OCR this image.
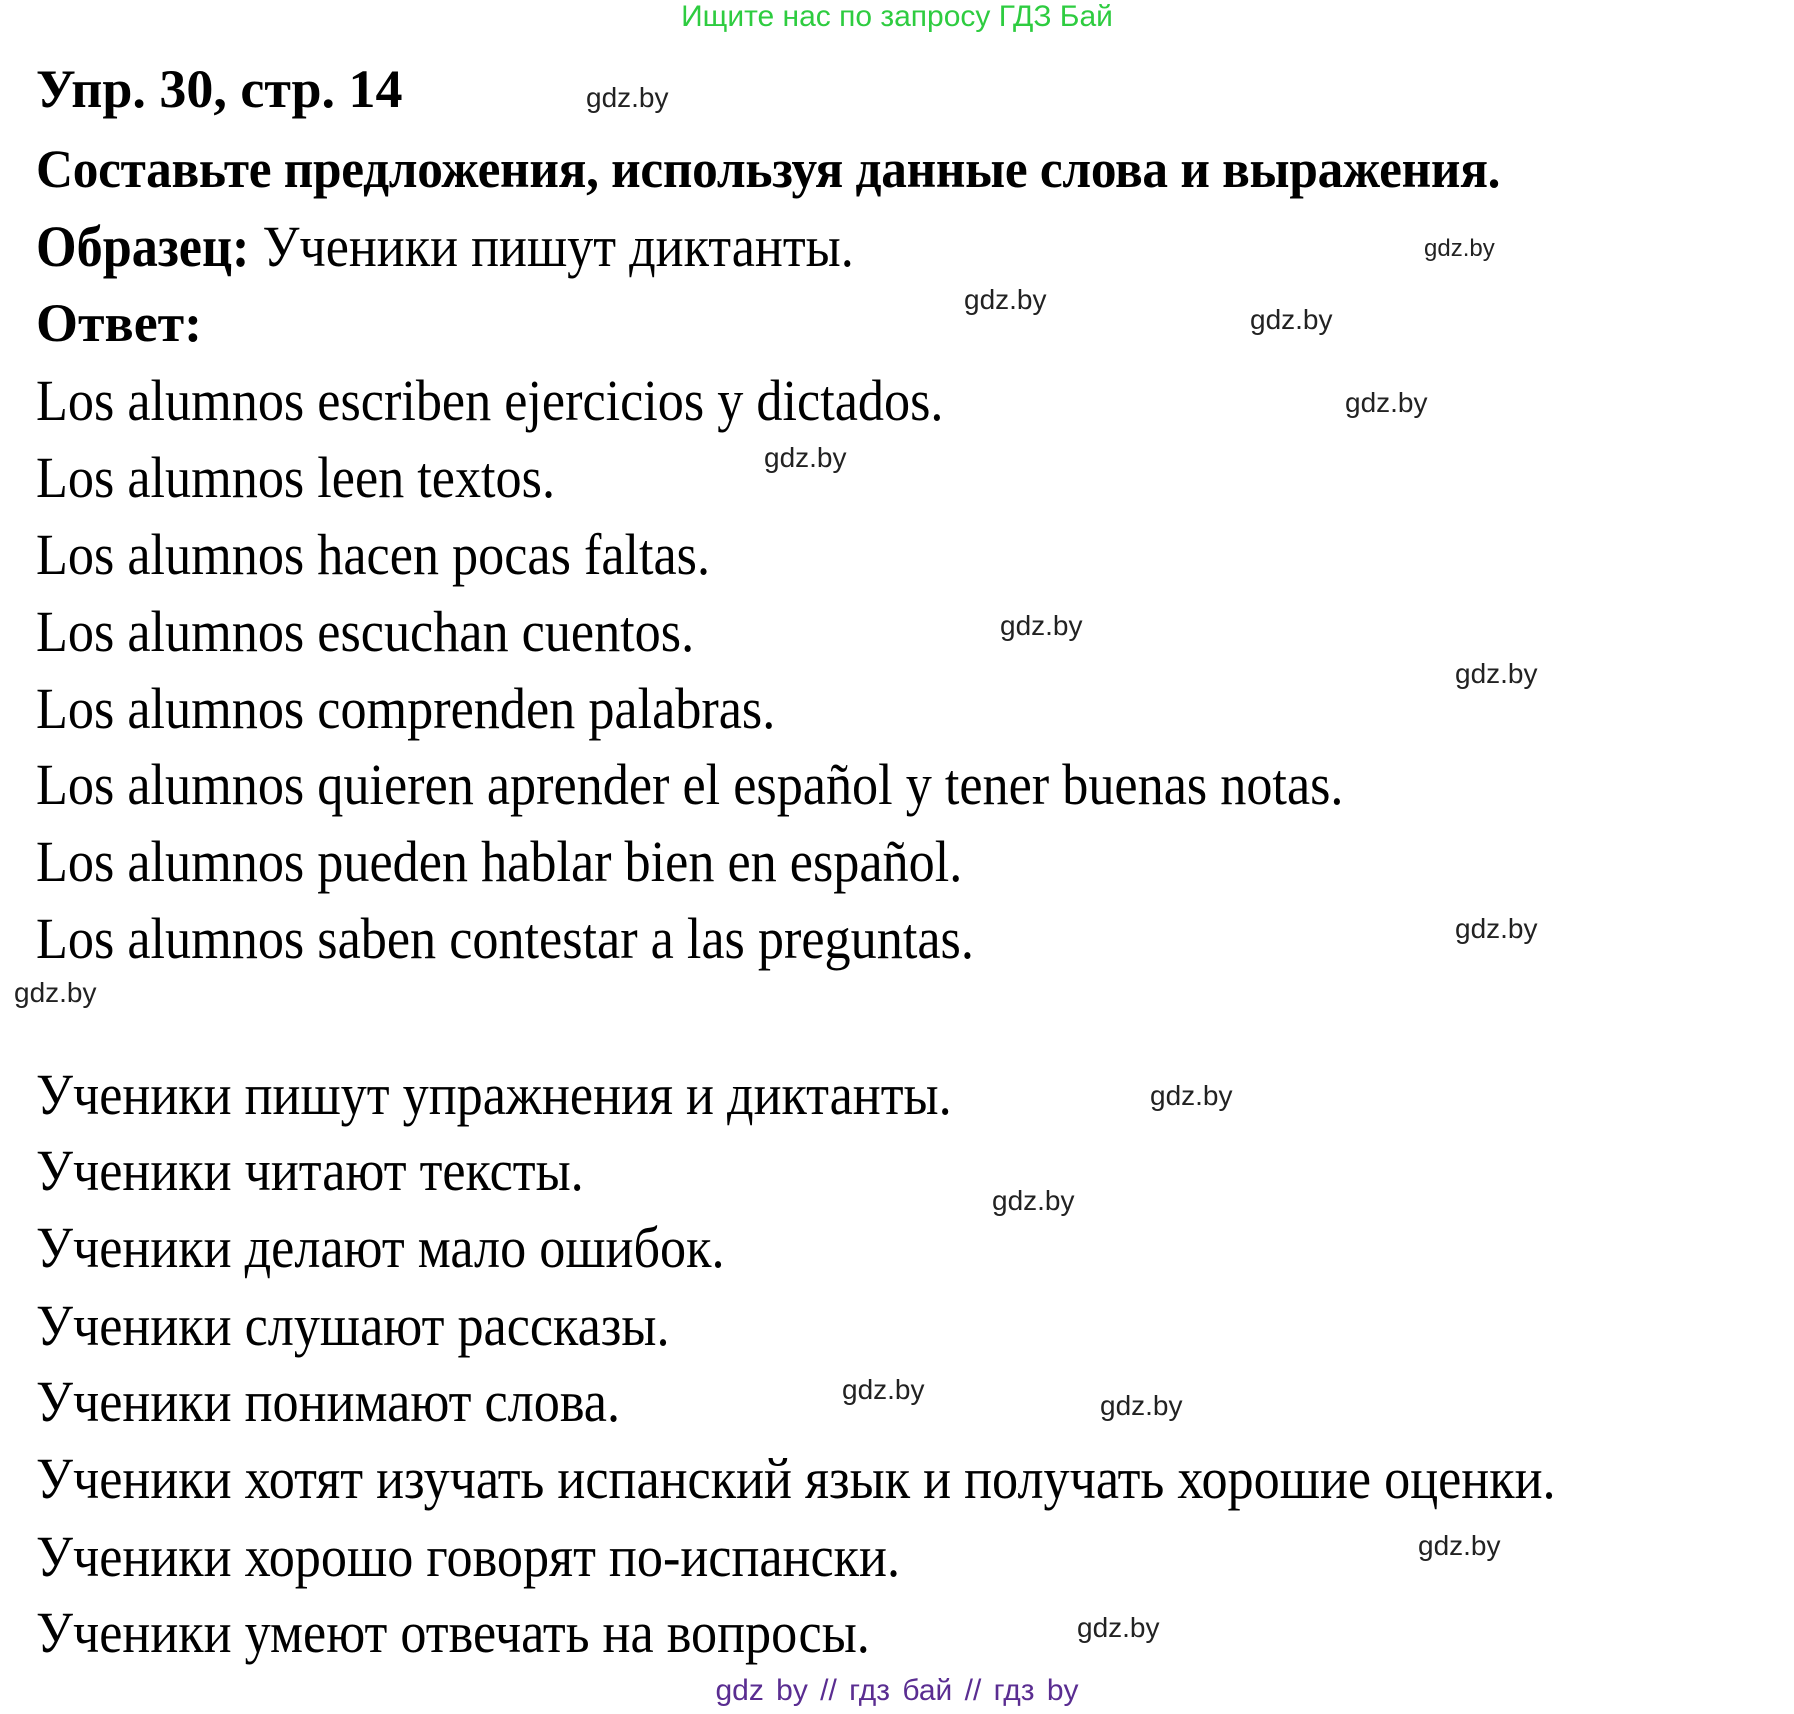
Ищите нас по запросу ГДЗ Бай
Упр. 30, стр. 14
Составьте предложения, используя данные слова и выражения.
Образец: Ученики пишут диктанты.
Ответ:
Los alumnos escriben ejercicios y dictados.
Los alumnos leen textos.
Los alumnos hacen pocas faltas.
Los alumnos escuchan cuentos.
Los alumnos comprenden palabras.
Los alumnos quieren aprender el español y tener buenas notas.
Los alumnos pueden hablar bien en español.
Los alumnos saben contestar a las preguntas.
Ученики пишут упражнения и диктанты.
Ученики читают тексты.
Ученики делают мало ошибок.
Ученики слушают рассказы.
Ученики понимают слова.
Ученики хотят изучать испанский язык и получать хорошие оценки.
Ученики хорошо говорят по-испански.
Ученики умеют отвечать на вопросы.
gdz.by
gdz.by
gdz.by
gdz.by
gdz.by
gdz.by
gdz.by
gdz.by
gdz.by
gdz.by
gdz.by
gdz.by
gdz.by
gdz.by
gdz.by
gdz.by
gdz by // гдз бай // гдз by
